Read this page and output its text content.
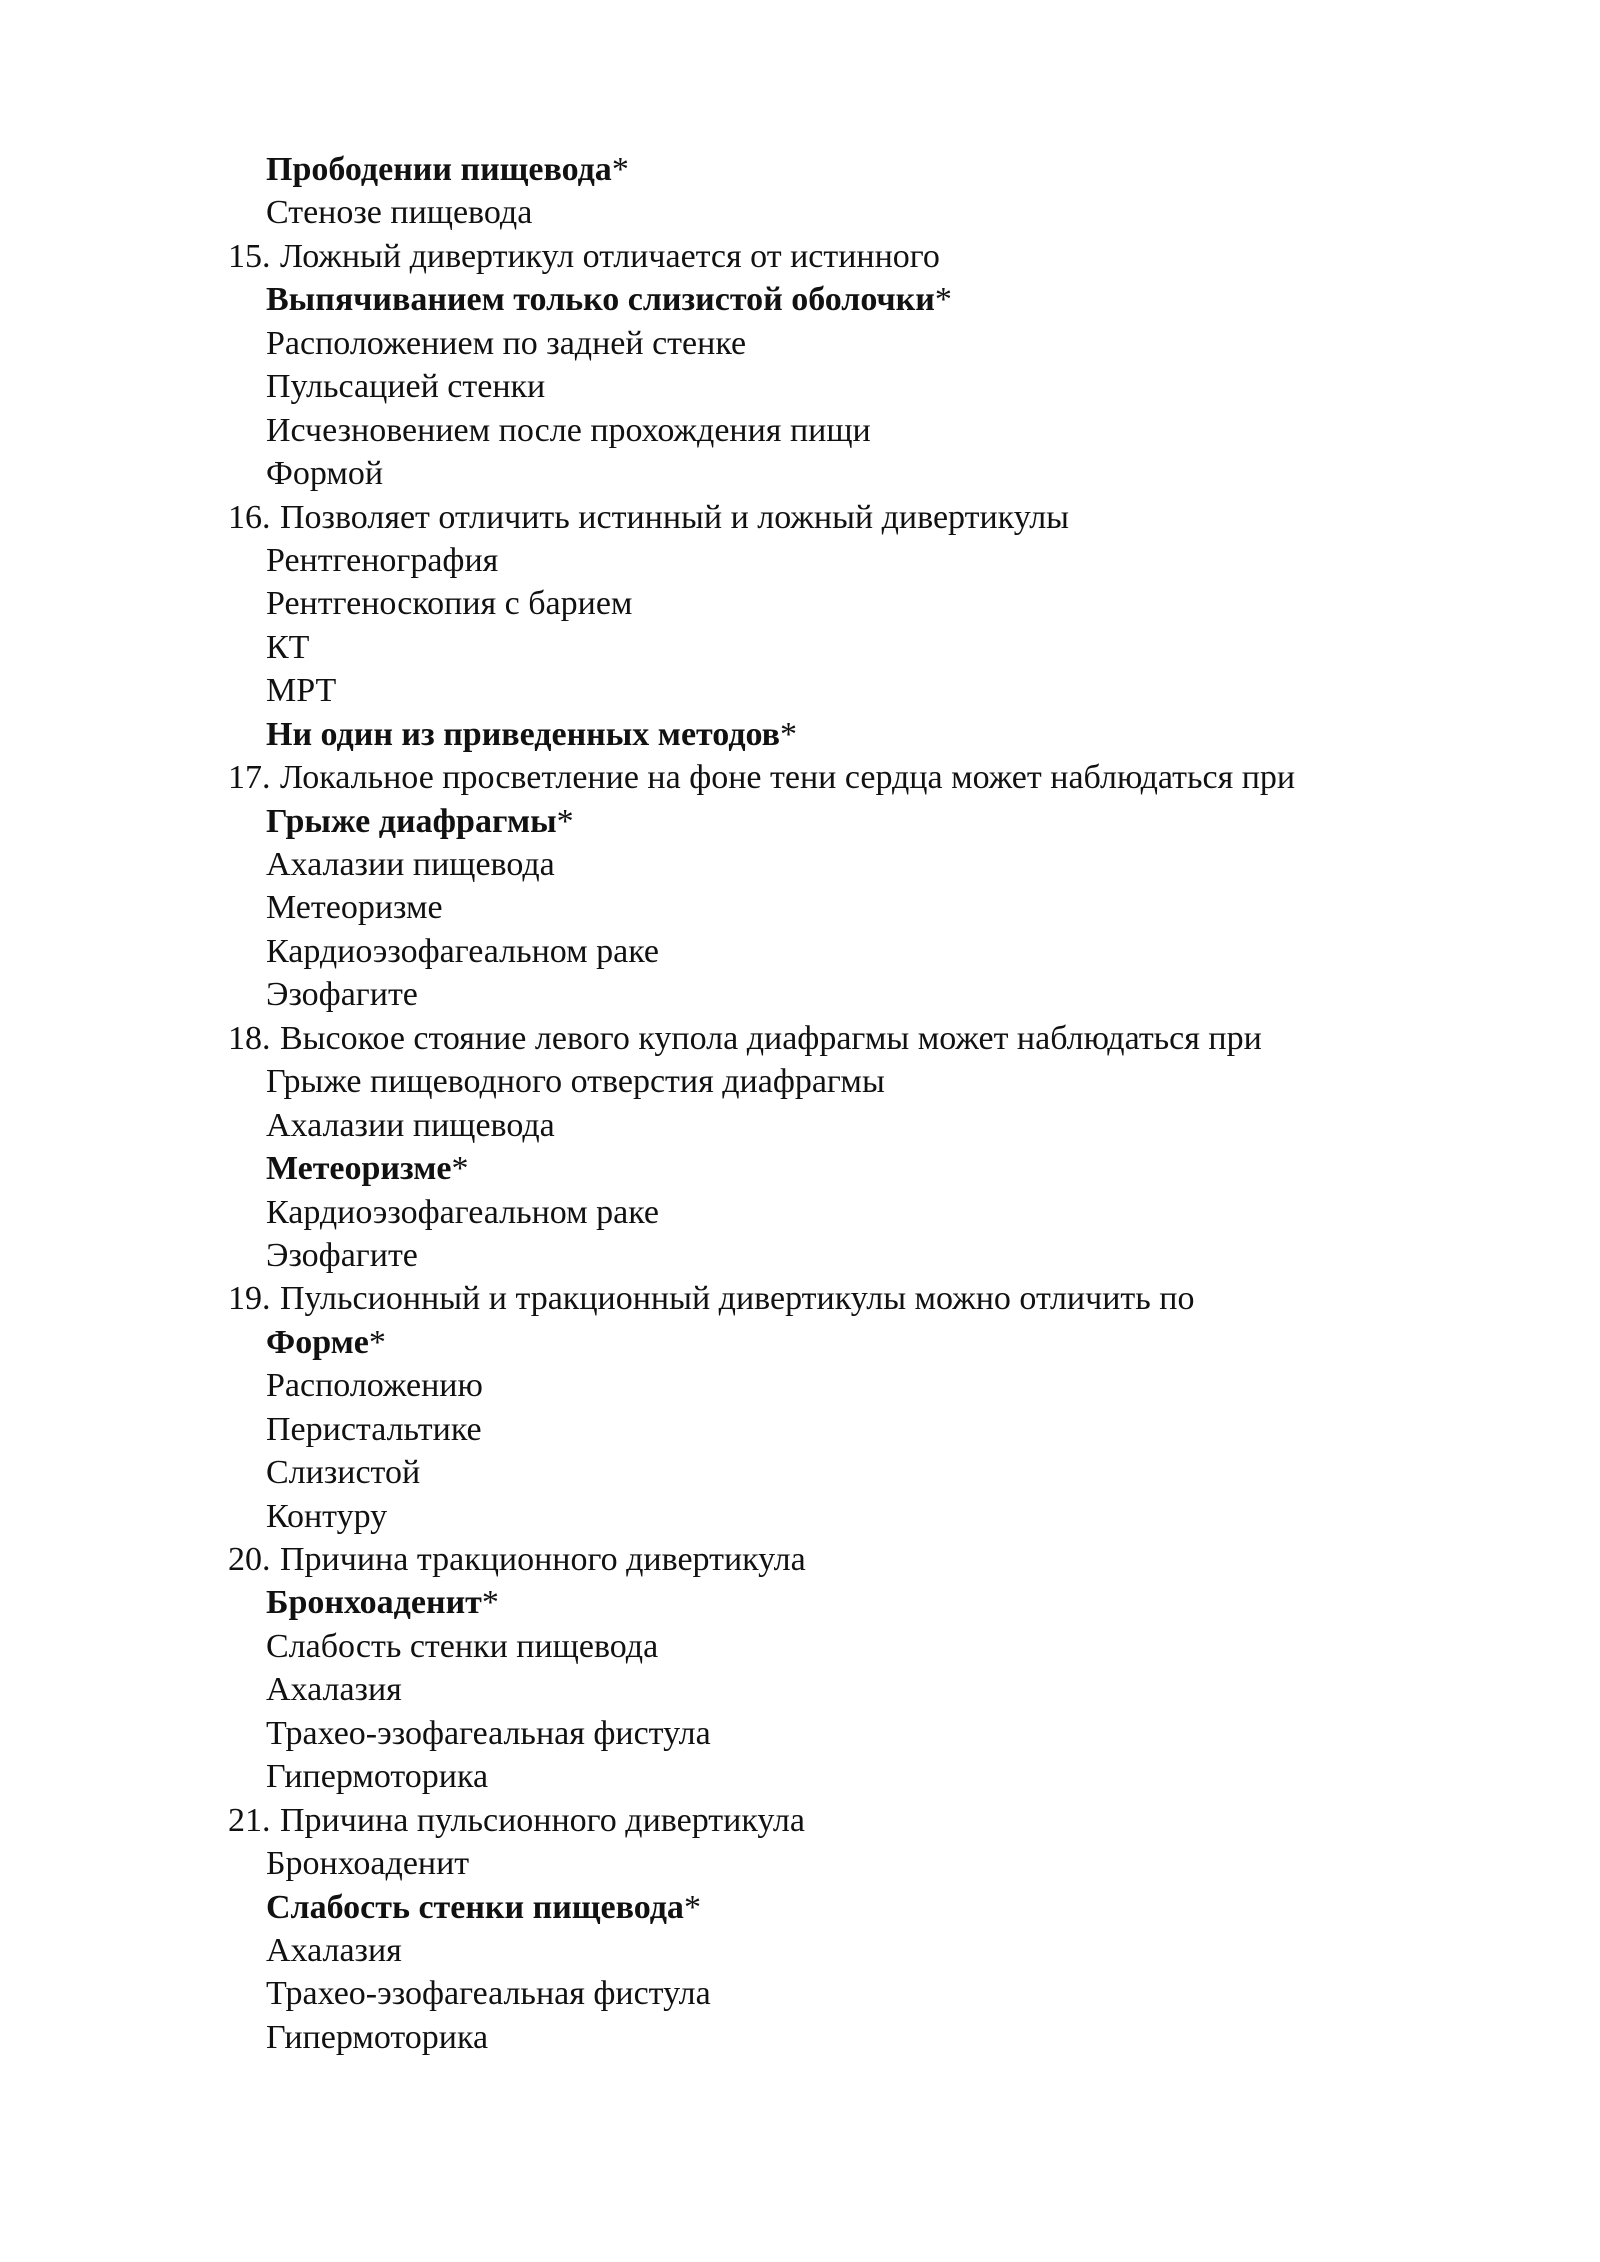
Прободении пищевода*
Стенозе пищевода
15. Ложный дивертикул отличается от истинного
Выпячиванием только слизистой оболочки*
Расположением по задней стенке
Пульсацией стенки
Исчезновением после прохождения пищи
Формой
16. Позволяет отличить истинный и ложный дивертикулы
Рентгенография
Рентгеноскопия с барием
КТ
МРТ
Ни один из приведенных методов*
17. Локальное просветление на фоне тени сердца может наблюдаться при
Грыже диафрагмы*
Ахалазии пищевода
Метеоризме
Кардиоэзофагеальном раке
Эзофагите
18. Высокое стояние левого купола диафрагмы может наблюдаться при
Грыже пищеводного отверстия диафрагмы
Ахалазии пищевода
Метеоризме*
Кардиоэзофагеальном раке
Эзофагите
19. Пульсионный и тракционный дивертикулы можно отличить по
Форме*
Расположению
Перистальтике
Слизистой
Контуру
20. Причина тракционного дивертикула
Бронхоаденит*
Слабость стенки пищевода
Ахалазия
Трахео-эзофагеальная фистула
Гипермоторика
21. Причина пульсионного дивертикула
Бронхоаденит
Слабость стенки пищевода*
Ахалазия
Трахео-эзофагеальная фистула
Гипермоторика
